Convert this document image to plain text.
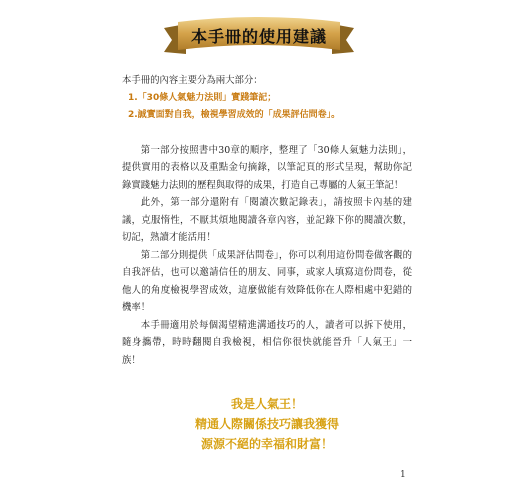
本手冊的使用建議

本手冊的內容主要分為兩大部分：

1.「30條人氣魅力法則」實踐筆記；

2.誠實面對自我，檢視學習成效的「成果評估問卷」。

第一部分按照書中30章的順序，整理了「30條人氣魅力法則」，提供實用的表格以及重點金句摘錄，以筆記頁的形式呈現，幫助你記錄實踐魅力法則的歷程與取得的成果，打造自己專屬的人氣王筆記！

此外，第一部分還附有「閱讀次數記錄表」，請按照卡內基的建議，克服惰性，不厭其煩地閱讀各章內容，並記錄下你的閱讀次數，切記，熟讀才能活用！

第二部分則提供「成果評估問卷」，你可以利用這份問卷做客觀的自我評估，也可以邀請信任的朋友、同事，或家人填寫這份問卷，從他人的角度檢視學習成效，這麼做能有效降低你在人際相處中犯錯的機率！

本手冊適用於每個渴望精進溝通技巧的人，讀者可以拆下使用，隨身攜帶，時時翻閱自我檢視，相信你很快就能晉升「人氣王」一族！

我是人氣王！
精通人際關係技巧讓我獲得
源源不絕的幸福和財富！
1
